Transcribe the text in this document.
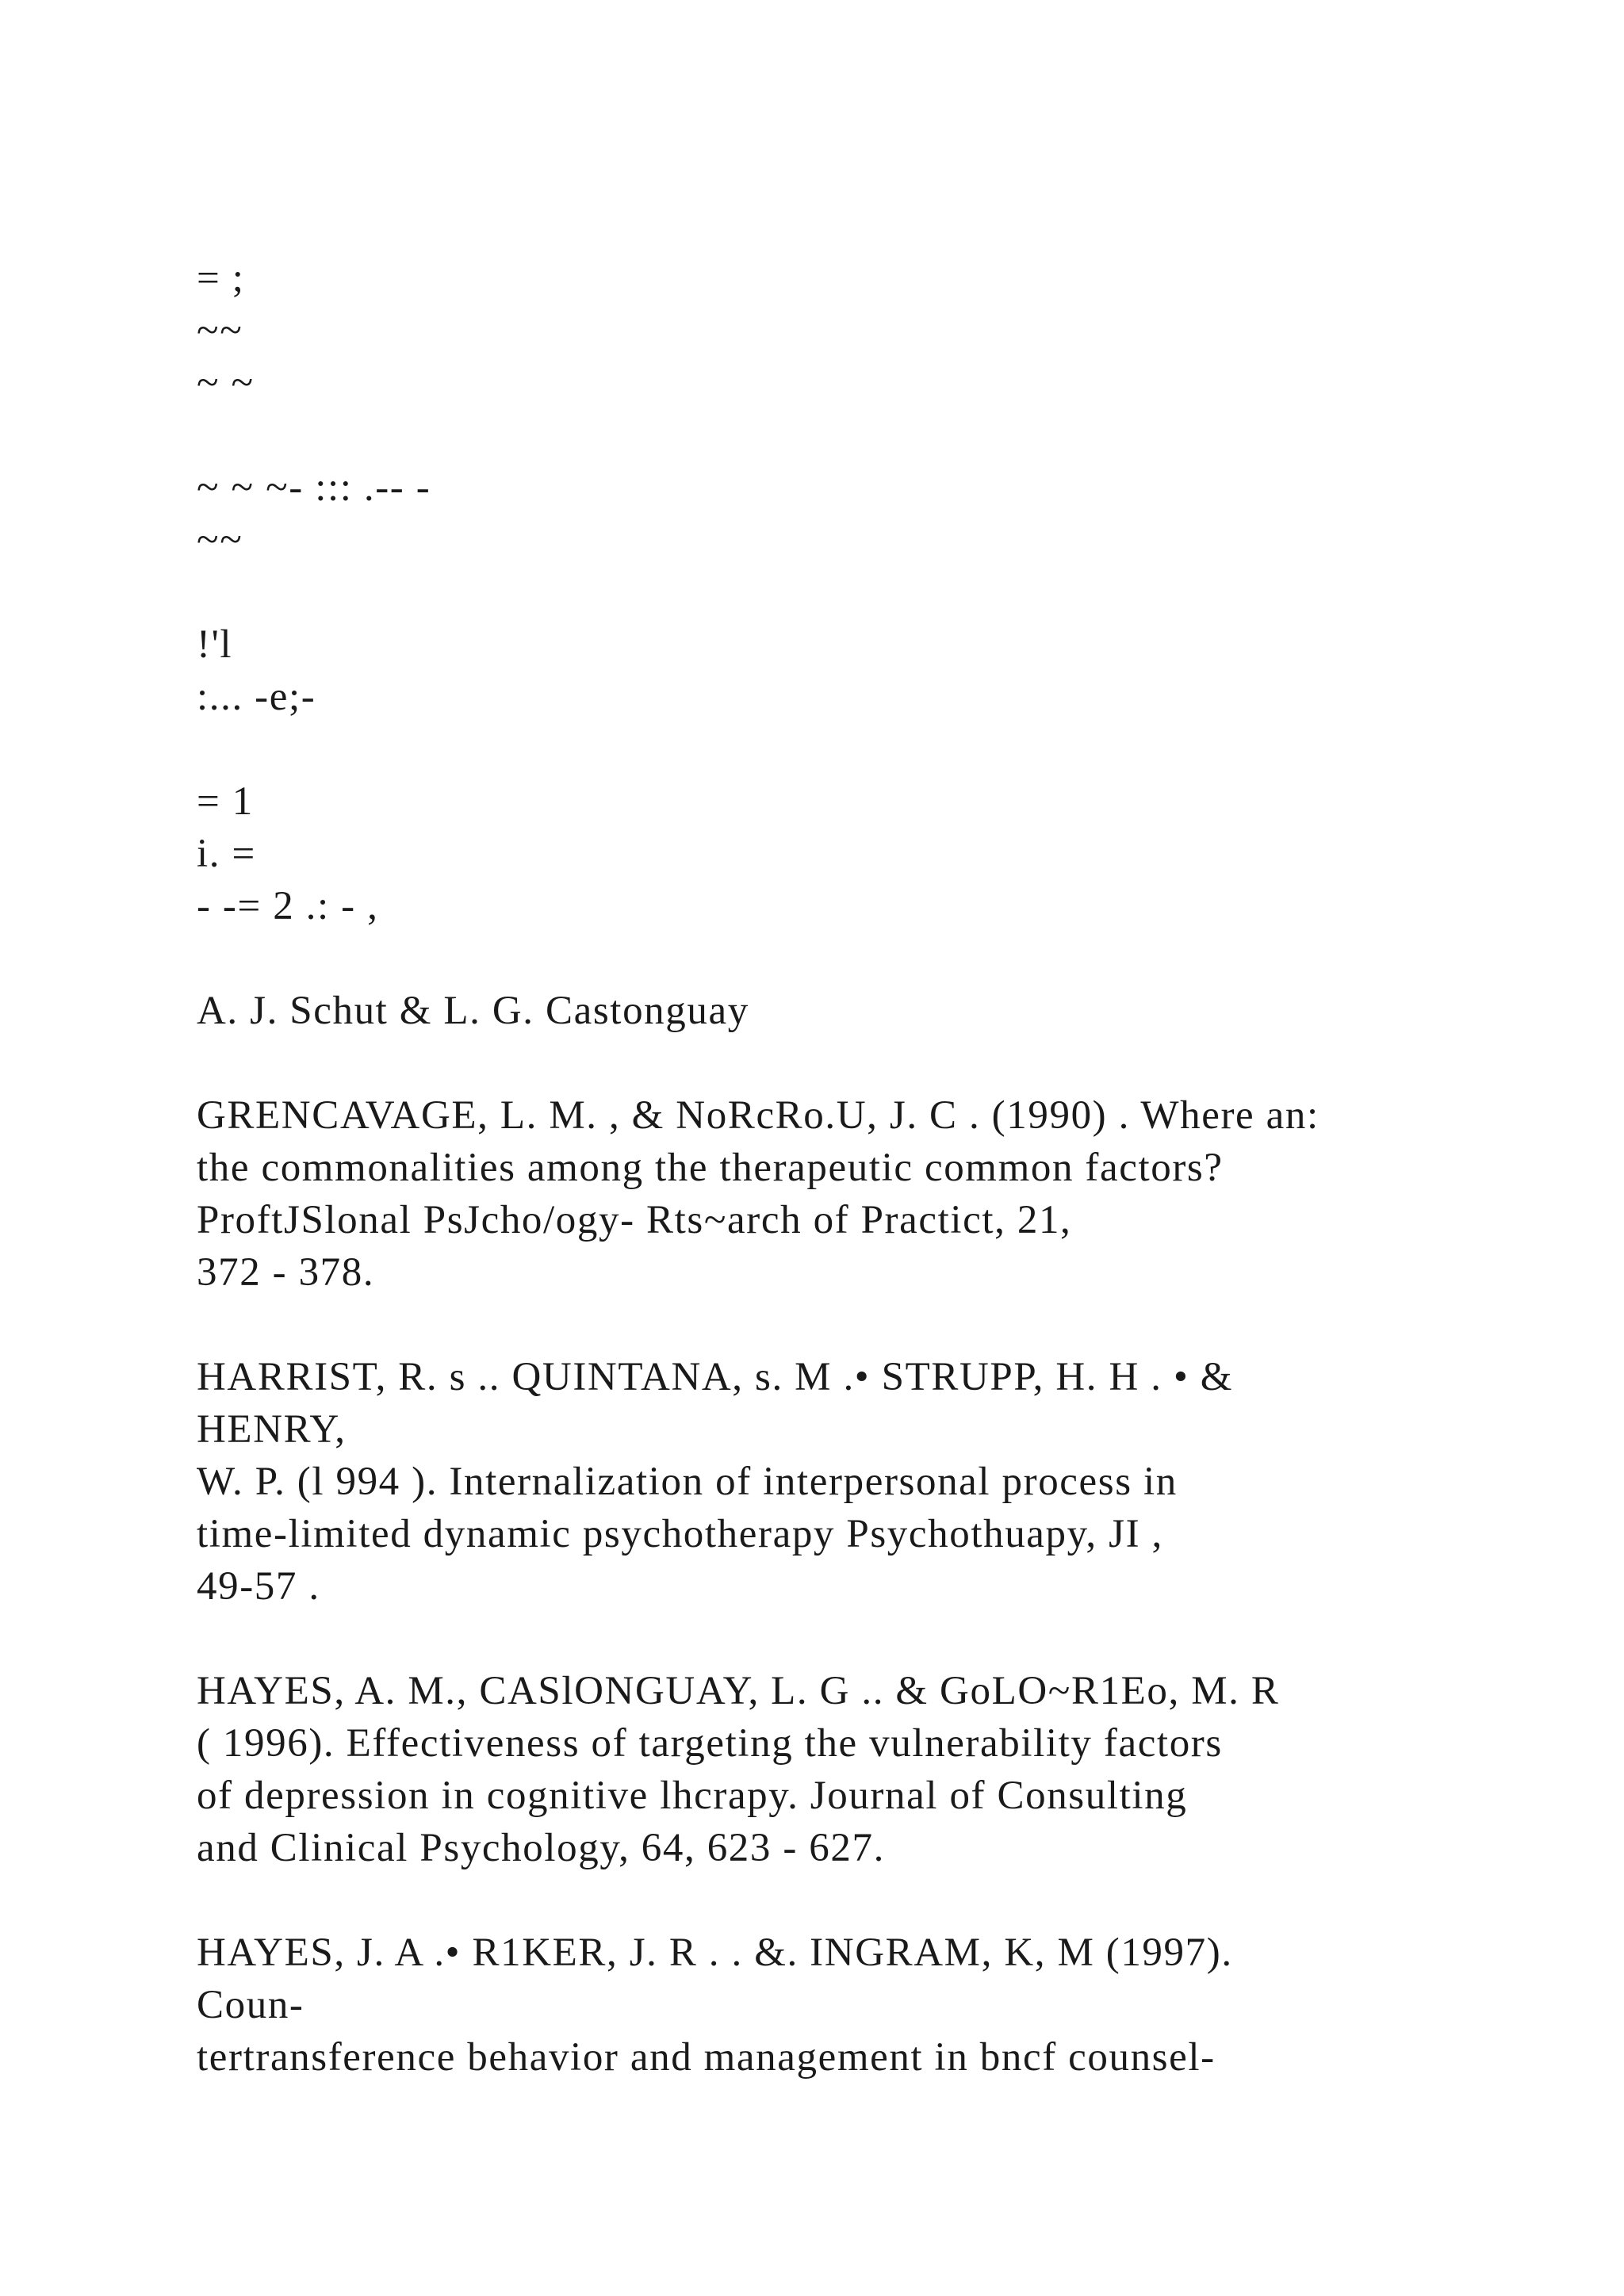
= ;
~~
~ ~
~ ~ ~- ::: .-- -
~~
!'l
:... -e;-
= 1
i. =
- -= 2 .: - ,
A. J. Schut & L. G. Castonguay
GRENCAVAGE, L. M. , & NoRcRo.U, J. C . (1990) . Where an:
the commonalities among the therapeutic common factors?
ProftJSlonal PsJcho/ogy- Rts~arch of Practict, 21,
372 - 378.
HARRIST, R. s .. QUINTANA, s. M .• STRUPP, H. H . • &
HENRY,
W. P. (l 994 ). Internalization of interpersonal process in
time-limited dynamic psychotherapy Psychothuapy, JI ,
49-57 .
HAYES, A. M., CASlONGUAY, L. G .. & GoLO~R1Eo, M. R
( 1996). Effectiveness of targeting the vulnerability factors
of depression in cognitive lhcrapy. Journal of Consulting
and Clinical Psychology, 64, 623 - 627.
HAYES, J. A .• R1KER, J. R . . &. INGRAM, K, M (1997).
Coun-
tertransference behavior and management in bncf counsel-
